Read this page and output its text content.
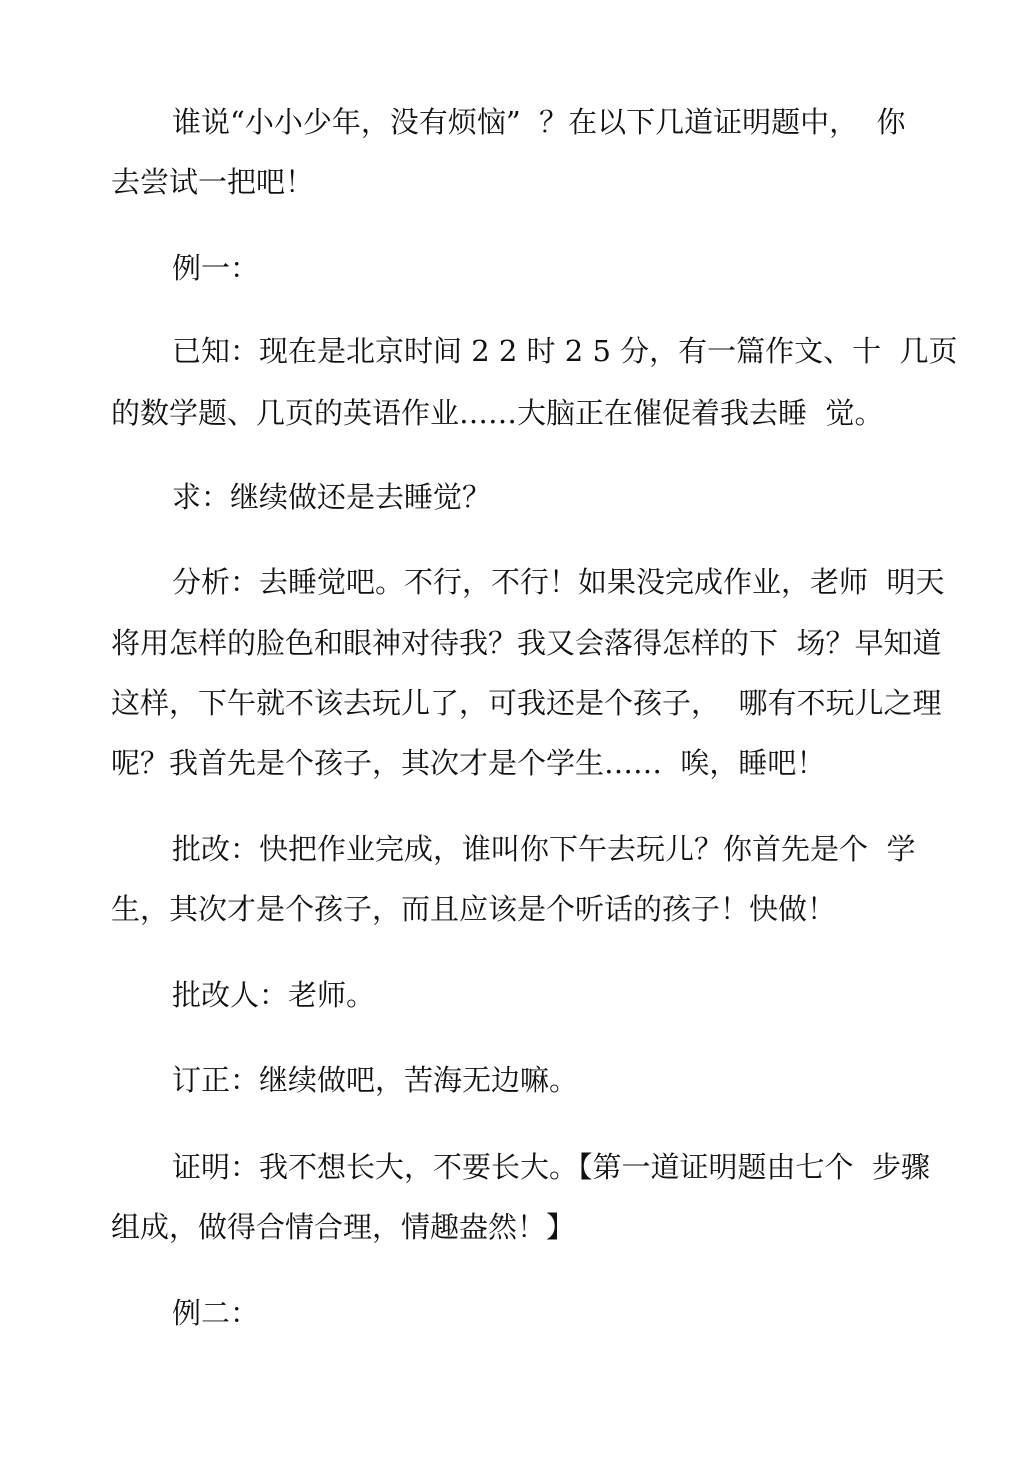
谁说“小小少年，没有烦恼”  ？在以下几道证明题中，  你
去尝试一把吧！
例一：
已知：现在是北京时间 2 2 时 2 5 分，有一篇作文、十  几页
的数学题、几页的英语作业……大脑正在催促着我去睡  觉。
求：继续做还是去睡觉？
分析：去睡觉吧。不行，不行！如果没完成作业，老师  明天
将用怎样的脸色和眼神对待我？我又会落得怎样的下  场？早知道
这样，下午就不该去玩儿了，可我还是个孩子，  哪有不玩儿之理
呢？我首先是个孩子，其次才是个学生……  唉，睡吧！
批改：快把作业完成，谁叫你下午去玩儿？你首先是个  学
生，其次才是个孩子，而且应该是个听话的孩子！快做！
批改人：老师。
订正：继续做吧，苦海无边嘛。
证明：我不想长大，不要长大。【第一道证明题由七个  步骤
组成，做得合情合理，情趣盎然！】
例二：
